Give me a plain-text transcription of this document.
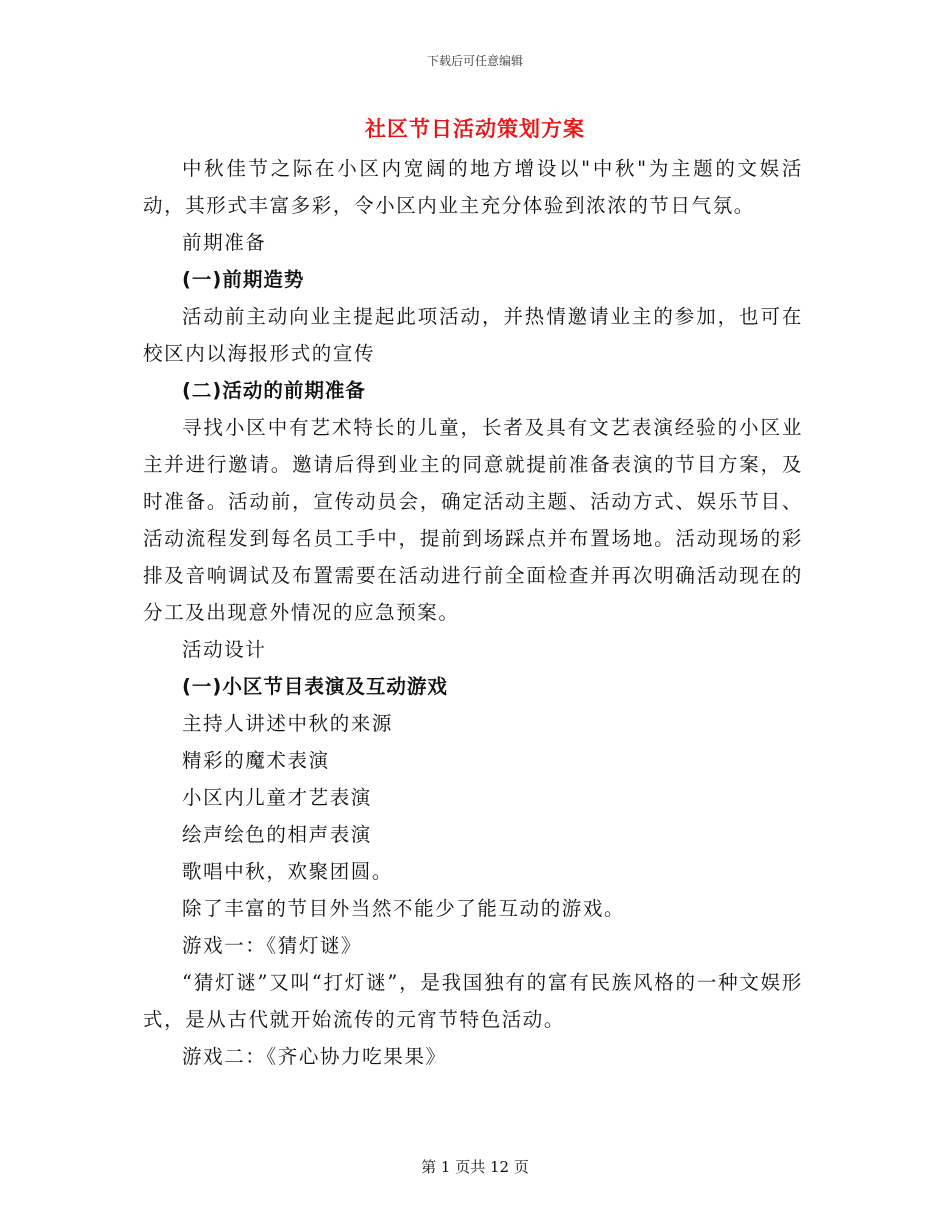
下载后可任意编辑
社区节日活动策划方案

中秋佳节之际在小区内宽阔的地方增设以"中秋"为主题的文娱活动，其形式丰富多彩，令小区内业主充分体验到浓浓的节日气氛。

前期准备

(一)前期造势

活动前主动向业主提起此项活动，并热情邀请业主的参加，也可在校区内以海报形式的宣传

(二)活动的前期准备

寻找小区中有艺术特长的儿童，长者及具有文艺表演经验的小区业主并进行邀请。邀请后得到业主的同意就提前准备表演的节目方案，及时准备。活动前，宣传动员会，确定活动主题、活动方式、娱乐节目、活动流程发到每名员工手中，提前到场踩点并布置场地。活动现场的彩排及音响调试及布置需要在活动进行前全面检查并再次明确活动现在的分工及出现意外情况的应急预案。

活动设计

(一)小区节目表演及互动游戏

主持人讲述中秋的来源

精彩的魔术表演

小区内儿童才艺表演

绘声绘色的相声表演

歌唱中秋，欢聚团圆。

除了丰富的节目外当然不能少了能互动的游戏。

游戏一：《猜灯谜》

“猜灯谜”又叫“打灯谜”，是我国独有的富有民族风格的一种文娱形式，是从古代就开始流传的元宵节特色活动。

游戏二：《齐心协力吃果果》

第 1 页共 12 页
